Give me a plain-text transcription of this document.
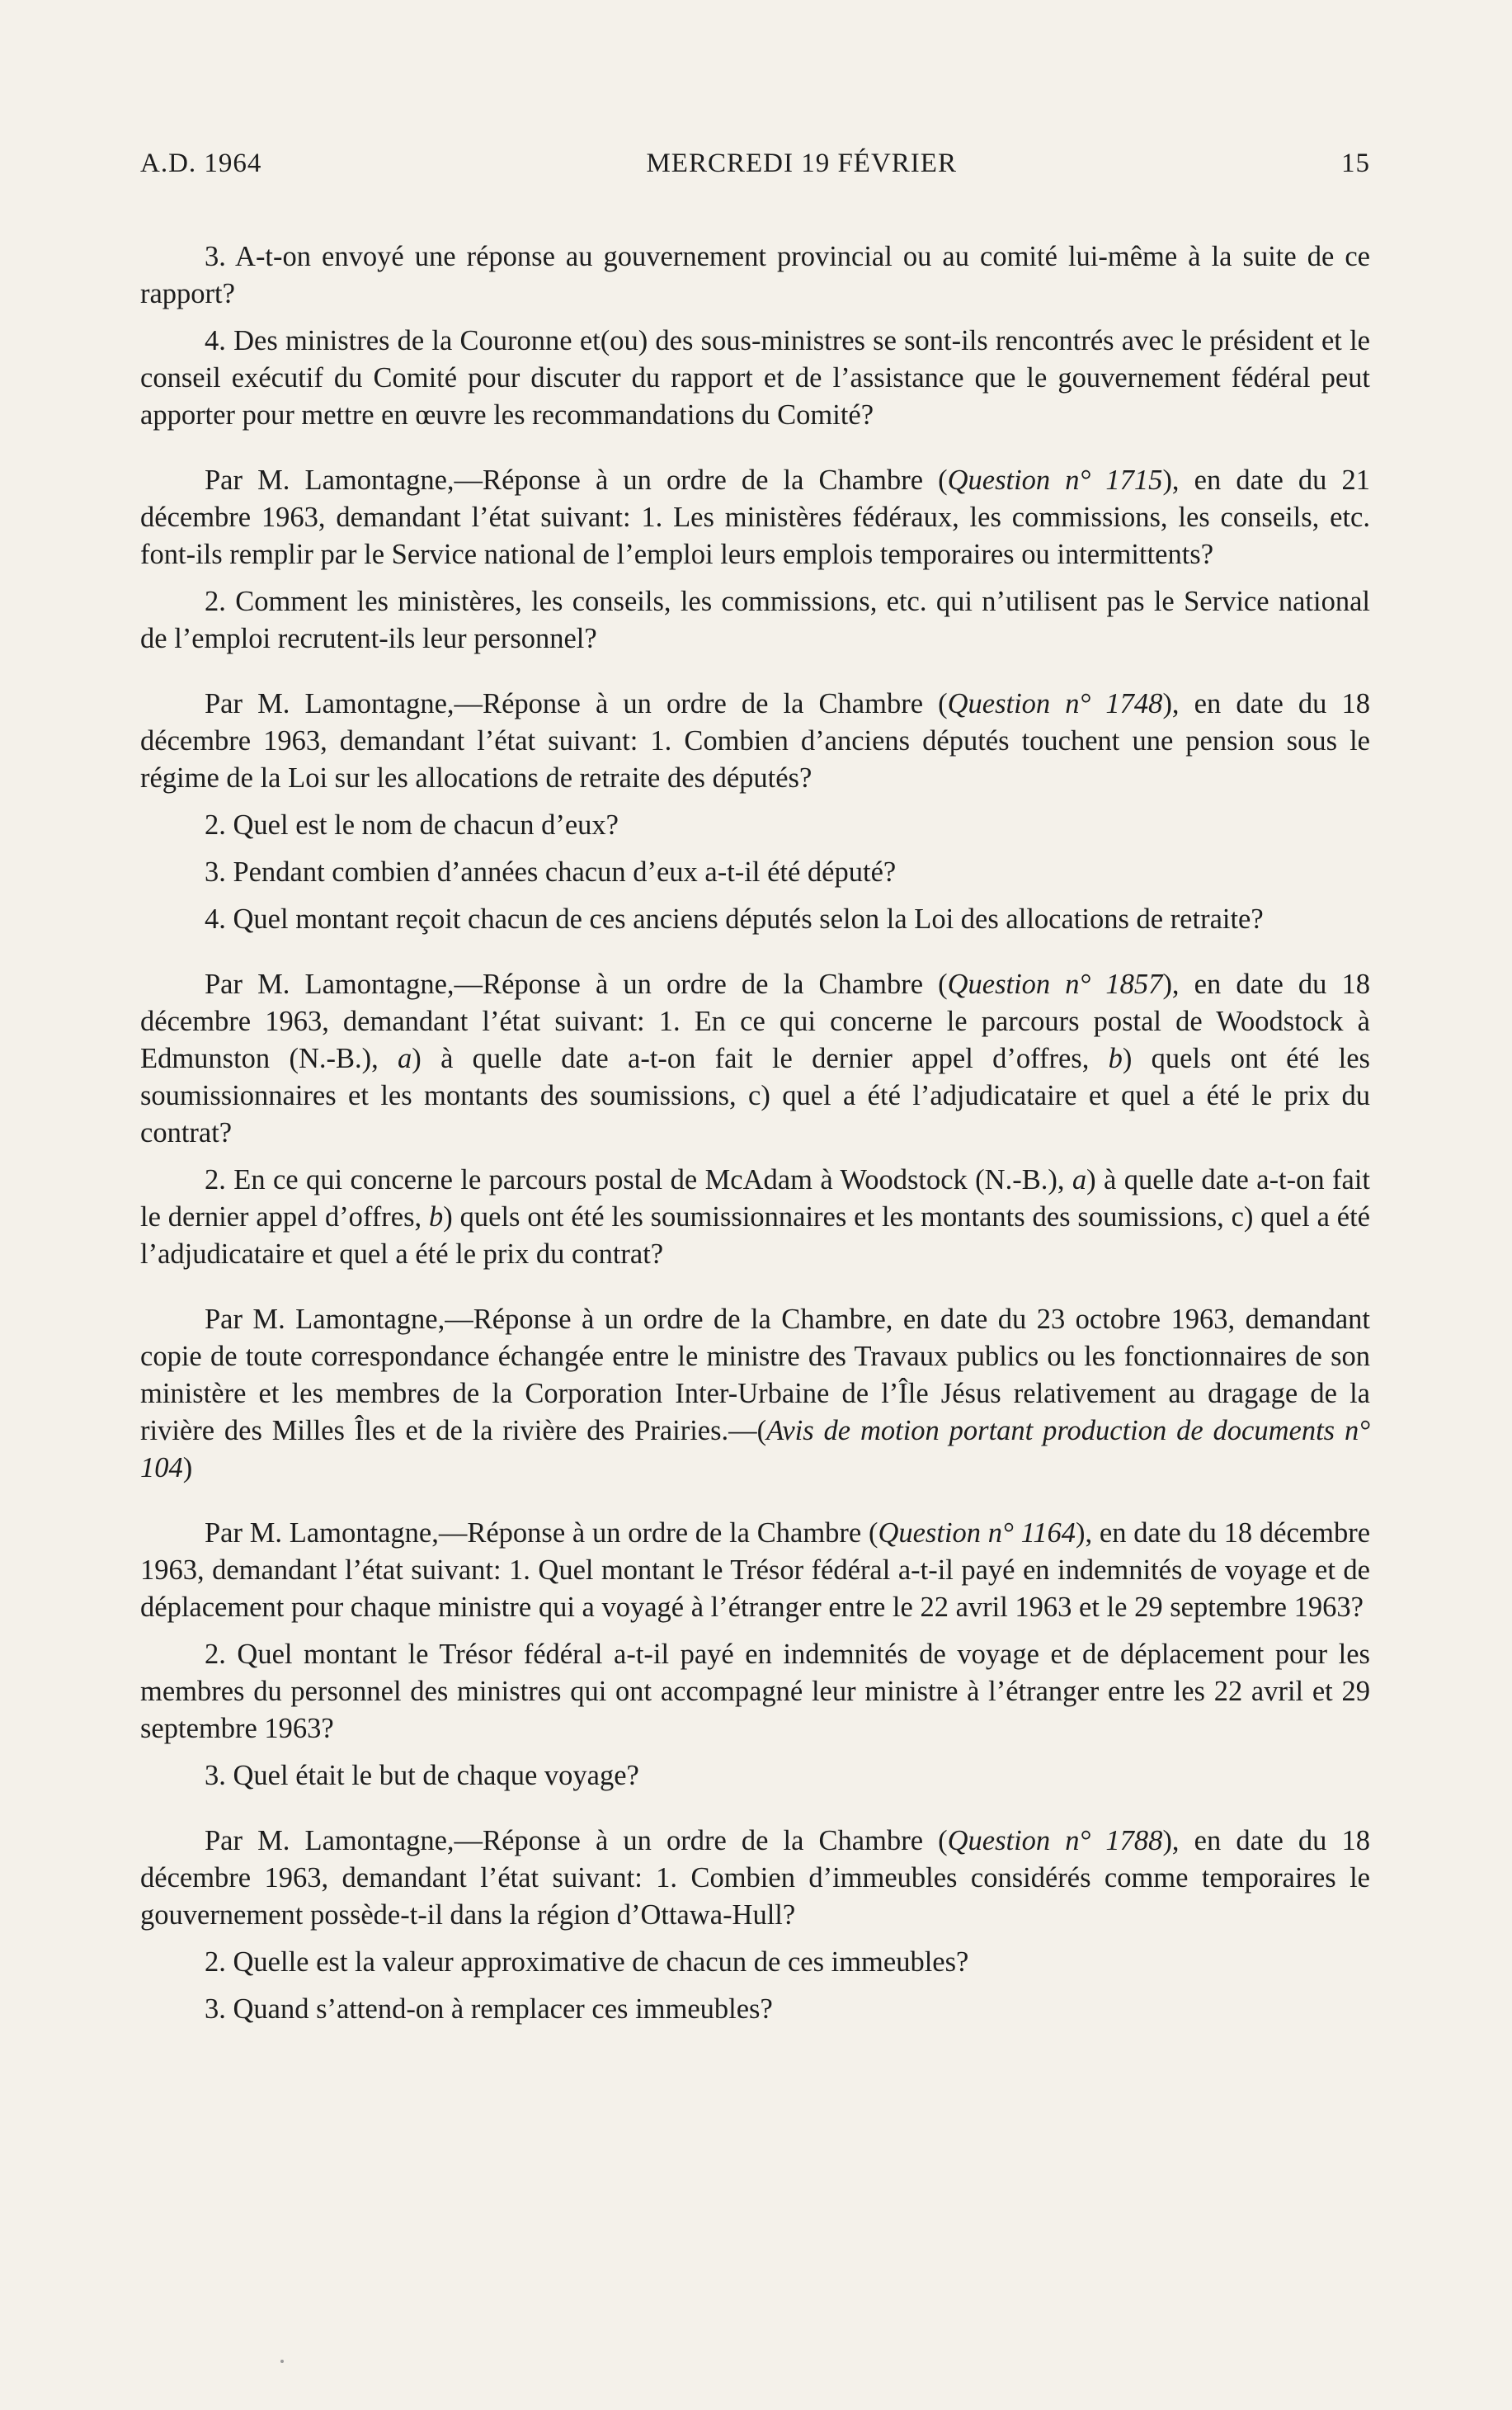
A.D. 1964	MERCREDI 19 FÉVRIER	15

3. A-t-on envoyé une réponse au gouvernement provincial ou au comité lui-même à la suite de ce rapport?

4. Des ministres de la Couronne et(ou) des sous-ministres se sont-ils rencontrés avec le président et le conseil exécutif du Comité pour discuter du rapport et de l’assistance que le gouvernement fédéral peut apporter pour mettre en œuvre les recommandations du Comité?

Par M. Lamontagne,—Réponse à un ordre de la Chambre (Question n° 1715), en date du 21 décembre 1963, demandant l’état suivant: 1. Les ministères fédéraux, les commissions, les conseils, etc. font-ils remplir par le Service national de l’emploi leurs emplois temporaires ou intermittents?

2. Comment les ministères, les conseils, les commissions, etc. qui n’utilisent pas le Service national de l’emploi recrutent-ils leur personnel?

Par M. Lamontagne,—Réponse à un ordre de la Chambre (Question n° 1748), en date du 18 décembre 1963, demandant l’état suivant: 1. Combien d’anciens députés touchent une pension sous le régime de la Loi sur les allocations de retraite des députés?

2. Quel est le nom de chacun d’eux?

3. Pendant combien d’années chacun d’eux a-t-il été député?

4. Quel montant reçoit chacun de ces anciens députés selon la Loi des allocations de retraite?

Par M. Lamontagne,—Réponse à un ordre de la Chambre (Question n° 1857), en date du 18 décembre 1963, demandant l’état suivant: 1. En ce qui concerne le parcours postal de Woodstock à Edmunston (N.-B.), a) à quelle date a-t-on fait le dernier appel d’offres, b) quels ont été les soumissionnaires et les montants des soumissions, c) quel a été l’adjudicataire et quel a été le prix du contrat?

2. En ce qui concerne le parcours postal de McAdam à Woodstock (N.-B.), a) à quelle date a-t-on fait le dernier appel d’offres, b) quels ont été les soumissionnaires et les montants des soumissions, c) quel a été l’adjudicataire et quel a été le prix du contrat?

Par M. Lamontagne,—Réponse à un ordre de la Chambre, en date du 23 octobre 1963, demandant copie de toute correspondance échangée entre le ministre des Travaux publics ou les fonctionnaires de son ministère et les membres de la Corporation Inter-Urbaine de l’Île Jésus relativement au dragage de la rivière des Milles Îles et de la rivière des Prairies.—(Avis de motion portant production de documents n° 104)

Par M. Lamontagne,—Réponse à un ordre de la Chambre (Question n° 1164), en date du 18 décembre 1963, demandant l’état suivant: 1. Quel montant le Trésor fédéral a-t-il payé en indemnités de voyage et de déplacement pour chaque ministre qui a voyagé à l’étranger entre le 22 avril 1963 et le 29 septembre 1963?

2. Quel montant le Trésor fédéral a-t-il payé en indemnités de voyage et de déplacement pour les membres du personnel des ministres qui ont accompagné leur ministre à l’étranger entre les 22 avril et 29 septembre 1963?

3. Quel était le but de chaque voyage?

Par M. Lamontagne,—Réponse à un ordre de la Chambre (Question n° 1788), en date du 18 décembre 1963, demandant l’état suivant: 1. Combien d’immeubles considérés comme temporaires le gouvernement possède-t-il dans la région d’Ottawa-Hull?

2. Quelle est la valeur approximative de chacun de ces immeubles?

3. Quand s’attend-on à remplacer ces immeubles?
